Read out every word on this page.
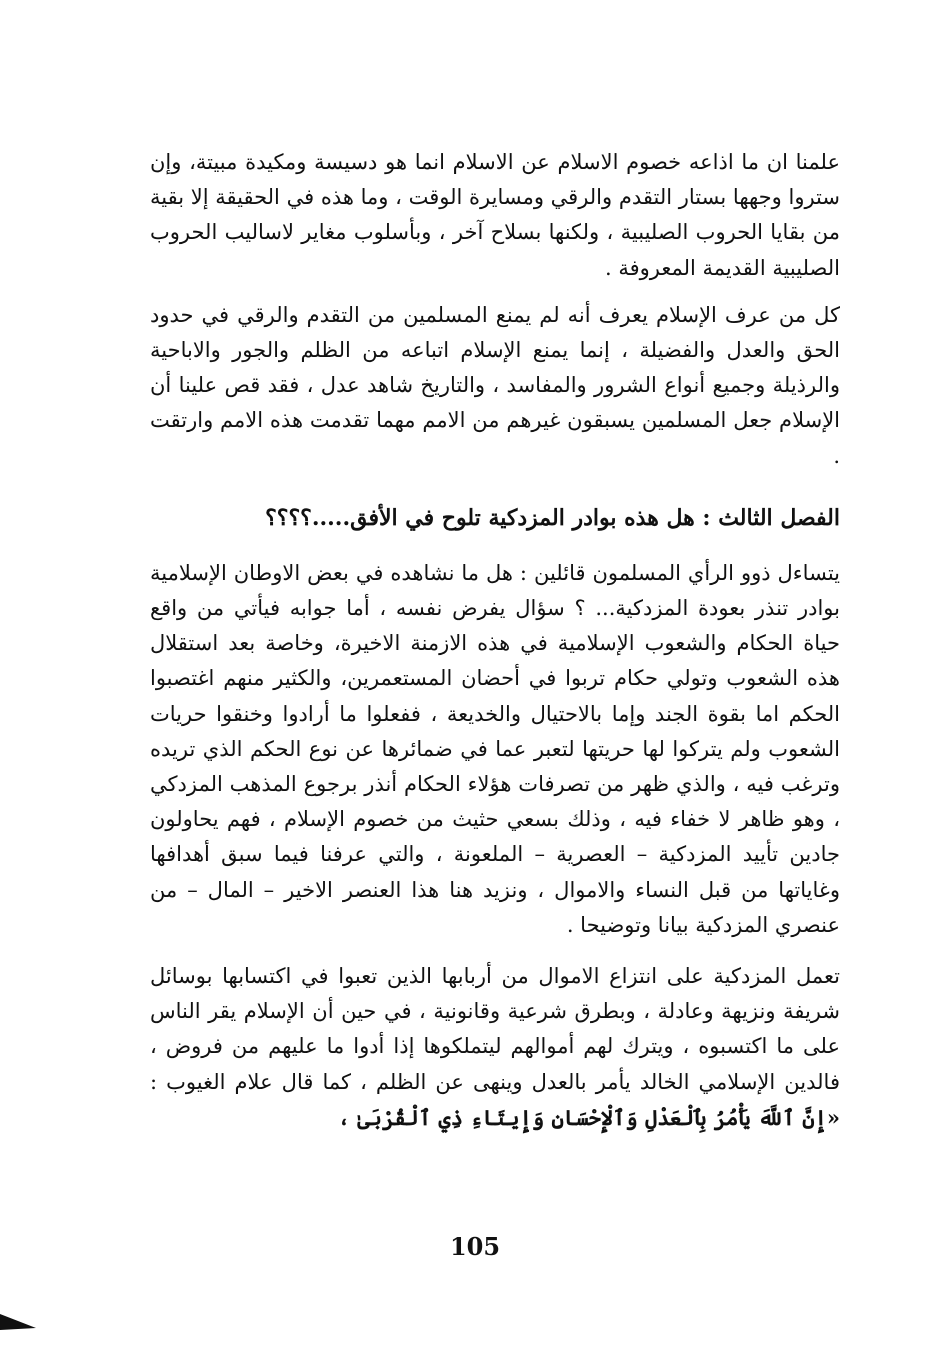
علمنا ان ما اذاعه خصوم الاسلام عن الاسلام انما هو دسيسة ومكيدة مبيتة، وإن ستروا وجهها بستار التقدم والرقي ومسايرة الوقت ، وما هذه في الحقيقة إلا بقية من بقايا الحروب الصليبية ، ولكنها بسلاح آخر ، وبأسلوب مغاير لاساليب الحروب الصليبية القديمة المعروفة .

كل من عرف الإسلام يعرف أنه لم يمنع المسلمين من التقدم والرقي في حدود الحق والعدل والفضيلة ، إنما يمنع الإسلام اتباعه من الظلم والجور والاباحية والرذيلة وجميع أنواع الشرور والمفاسد ، والتاريخ شاهد عدل ، فقد قص علينا أن الإسلام جعل المسلمين يسبقون غيرهم من الامم مهما تقدمت هذه الامم وارتقت .

الفصل الثالث : هل هذه بوادر المزدكية تلوح في الأفق.....؟؟؟؟

يتساءل ذوو الرأي المسلمون قائلين : هل ما نشاهده في بعض الاوطان الإسلامية بوادر تنذر بعودة المزدكية... ؟ سؤال يفرض نفسه ، أما جوابه فيأتي من واقع حياة الحكام والشعوب الإسلامية في هذه الازمنة الاخيرة، وخاصة بعد استقلال هذه الشعوب وتولي حكام تربوا في أحضان المستعمرين، والكثير منهم اغتصبوا الحكم اما بقوة الجند وإما بالاحتيال والخديعة ، ففعلوا ما أرادوا وخنقوا حريات الشعوب ولم يتركوا لها حريتها لتعبر عما في ضمائرها عن نوع الحكم الذي تريده وترغب فيه ، والذي ظهر من تصرفات هؤلاء الحكام أنذر برجوع المذهب المزدكي ، وهو ظاهر لا خفاء فيه ، وذلك بسعي حثيث من خصوم الإسلام ، فهم يحاولون جادين تأييد المزدكية – العصرية – الملعونة ، والتي عرفنا فيما سبق أهدافها وغاياتها من قبل النساء والاموال ، ونزيد هنا هذا العنصر الاخير – المال – من عنصري المزدكية بيانا وتوضيحا .

تعمل المزدكية على انتزاع الاموال من أربابها الذين تعبوا في اكتسابها بوسائل شريفة ونزيهة وعادلة ، وبطرق شرعية وقانونية ، في حين أن الإسلام يقر الناس على ما اكتسبوه ، ويترك لهم أموالهم ليتملكوها إذا أدوا ما عليهم من فروض ، فالدين الإسلامي الخالد يأمر بالعدل وينهى عن الظلم ، كما قال علام الغيوب : «إِنَّ ٱللَّهَ يَأْمُرُ بِٱلْعَدْلِ وَٱلْإِحْسَانِ وَإِيتَاءِ ذِي ٱلْقُرْبَىٰ ،

105
